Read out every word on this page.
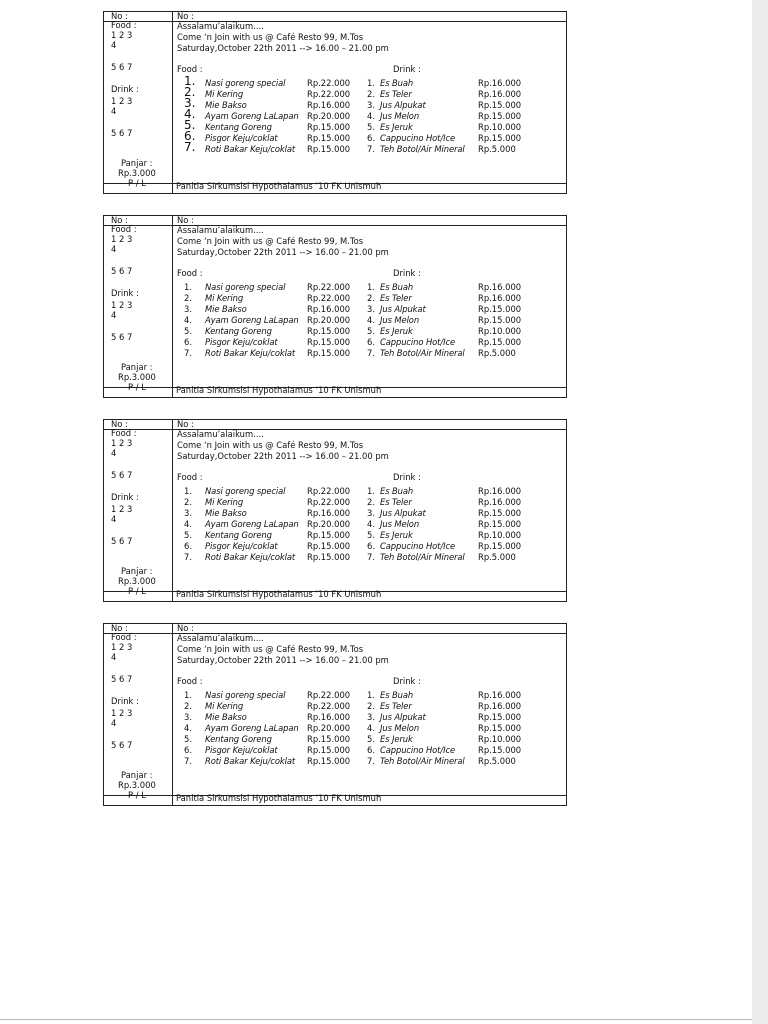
No :
Food :
1 2 3
4
5 6 7
Drink :
1 2 3
4
5 6 7
Panjar :
Rp.3.000
P / L
No :
Assalamu’alaikum....
Come ‘n Join with us @ Café Resto 99, M.Tos
Saturday,October 22th 2011 --> 16.00 – 21.00 pm
Food :	Drink :
1. Nasi goreng special	Rp.22.000
2. Mi Kering	Rp.22.000
3. Mie Bakso	Rp.16.000
4. Ayam Goreng LaLapan Rp.20.000
5. Kentang Goreng	Rp.15.000
6. Pisgor Keju/coklat	Rp.15.000
7. Roti Bakar Keju/coklat Rp.15.000
1. Es Buah	Rp.16.000
2. Es Teler	Rp.16.000
3. Jus Alpukat	Rp.15.000
4. Jus Melon	Rp.15.000
5. Es Jeruk	Rp.10.000
6. Cappucino Hot/Ice	Rp.15.000
7. Teh Botol/Air Mineral Rp.5.000
Panitia Sirkumsisi Hypothalamus ’10 FK Unismuh
No :
Food :
1 2 3
4
5 6 7
Drink :
1 2 3
4
5 6 7
Panjar :
Rp.3.000
P / L
No :
Assalamu’alaikum....
Come ‘n Join with us @ Café Resto 99, M.Tos
Saturday,October 22th 2011 --> 16.00 – 21.00 pm
Food :	Drink :
1. Nasi goreng special	Rp.22.000
2. Mi Kering	Rp.22.000
3. Mie Bakso	Rp.16.000
4. Ayam Goreng LaLapan Rp.20.000
5. Kentang Goreng	Rp.15.000
6. Pisgor Keju/coklat	Rp.15.000
7. Roti Bakar Keju/coklat Rp.15.000
1. Es Buah	Rp.16.000
2. Es Teler	Rp.16.000
3. Jus Alpukat	Rp.15.000
4. Jus Melon	Rp.15.000
5. Es Jeruk	Rp.10.000
6. Cappucino Hot/Ice	Rp.15.000
7. Teh Botol/Air Mineral Rp.5.000
Panitia Sirkumsisi Hypothalamus ’10 FK Unismuh
No :
Food :
1 2 3
4
5 6 7
Drink :
1 2 3
4
5 6 7
Panjar :
Rp.3.000
P / L
No :
Assalamu’alaikum....
Come ‘n Join with us @ Café Resto 99, M.Tos
Saturday,October 22th 2011 --> 16.00 – 21.00 pm
Food :	Drink :
1. Nasi goreng special	Rp.22.000
2. Mi Kering	Rp.22.000
3. Mie Bakso	Rp.16.000
4. Ayam Goreng LaLapan Rp.20.000
5. Kentang Goreng	Rp.15.000
6. Pisgor Keju/coklat	Rp.15.000
7. Roti Bakar Keju/coklat Rp.15.000
1. Es Buah	Rp.16.000
2. Es Teler	Rp.16.000
3. Jus Alpukat	Rp.15.000
4. Jus Melon	Rp.15.000
5. Es Jeruk	Rp.10.000
6. Cappucino Hot/Ice	Rp.15.000
7. Teh Botol/Air Mineral Rp.5.000
Panitia Sirkumsisi Hypothalamus ’10 FK Unismuh
No :
Food :
1 2 3
4
5 6 7
Drink :
1 2 3
4
5 6 7
Panjar :
Rp.3.000
P / L
No :
Assalamu’alaikum....
Come ‘n Join with us @ Café Resto 99, M.Tos
Saturday,October 22th 2011 --> 16.00 – 21.00 pm
Food :	Drink :
1. Nasi goreng special	Rp.22.000
2. Mi Kering	Rp.22.000
3. Mie Bakso	Rp.16.000
4. Ayam Goreng LaLapan Rp.20.000
5. Kentang Goreng	Rp.15.000
6. Pisgor Keju/coklat	Rp.15.000
7. Roti Bakar Keju/coklat Rp.15.000
1. Es Buah	Rp.16.000
2. Es Teler	Rp.16.000
3. Jus Alpukat	Rp.15.000
4. Jus Melon	Rp.15.000
5. Es Jeruk	Rp.10.000
6. Cappucino Hot/Ice	Rp.15.000
7. Teh Botol/Air Mineral Rp.5.000
Panitia Sirkumsisi Hypothalamus ’10 FK Unismuh
